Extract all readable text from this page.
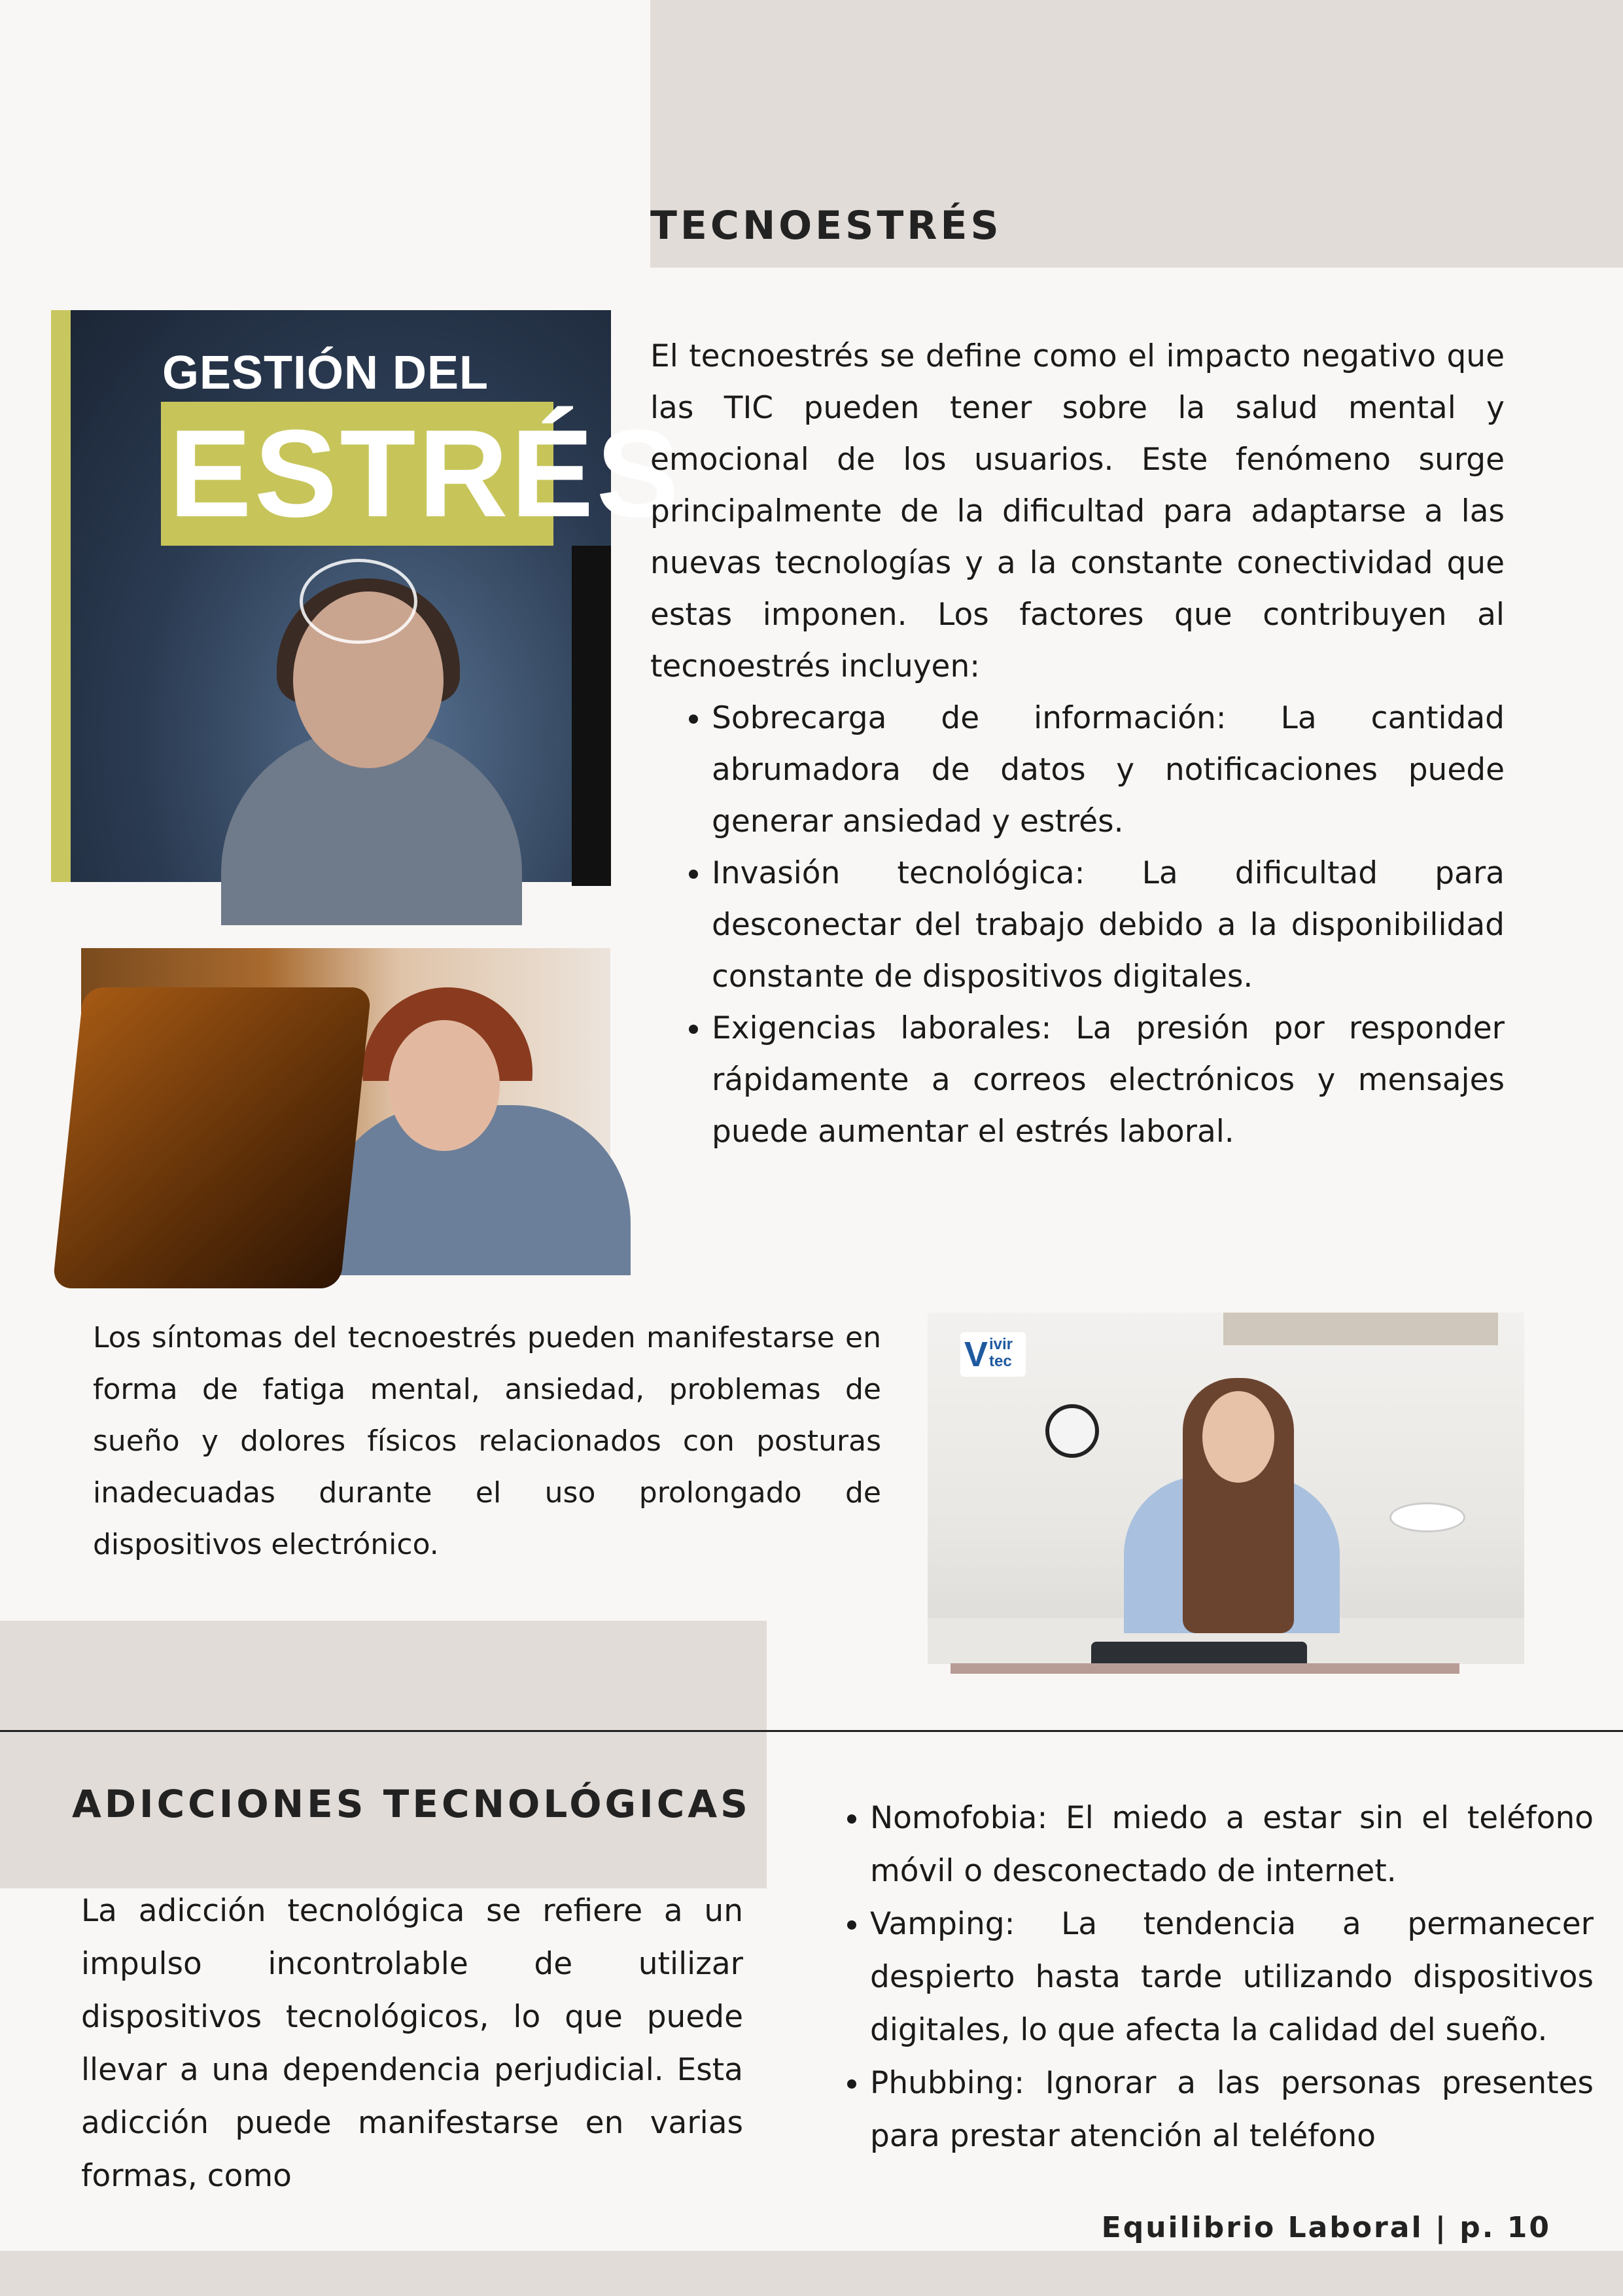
TECNOESTRÉS
GESTIÓN DEL
ESTRÉS

El tecnoestrés se define como el impacto negativo que las TIC pueden tener sobre la salud mental y emocional de los usuarios. Este fenómeno surge principalmente de la dificultad para adaptarse a las nuevas tecnologías y a la constante conectividad que estas imponen. Los factores que contribuyen al tecnoestrés incluyen:

• Sobrecarga de información: La cantidad abrumadora de datos y notificaciones puede generar ansiedad y estrés.
• Invasión tecnológica: La dificultad para desconectar del trabajo debido a la disponibilidad constante de dispositivos digitales.
• Exigencias laborales: La presión por responder rápidamente a correos electrónicos y mensajes puede aumentar el estrés laboral.

Los síntomas del tecnoestrés pueden manifestarse en forma de fatiga mental, ansiedad, problemas de sueño y dolores físicos relacionados con posturas inadecuadas durante el uso prolongado de dispositivos electrónico.

V ivir
tec
ADICCIONES TECNOLÓGICAS

La adicción tecnológica se refiere a un impulso incontrolable de utilizar dispositivos tecnológicos, lo que puede llevar a una dependencia perjudicial. Esta adicción puede manifestarse en varias formas, como

• Nomofobia: El miedo a estar sin el teléfono móvil o desconectado de internet.
• Vamping: La tendencia a permanecer despierto hasta tarde utilizando dispositivos digitales, lo que afecta la calidad del sueño.
• Phubbing: Ignorar a las personas presentes para prestar atención al teléfono
Equilibrio Laboral | p. 10
